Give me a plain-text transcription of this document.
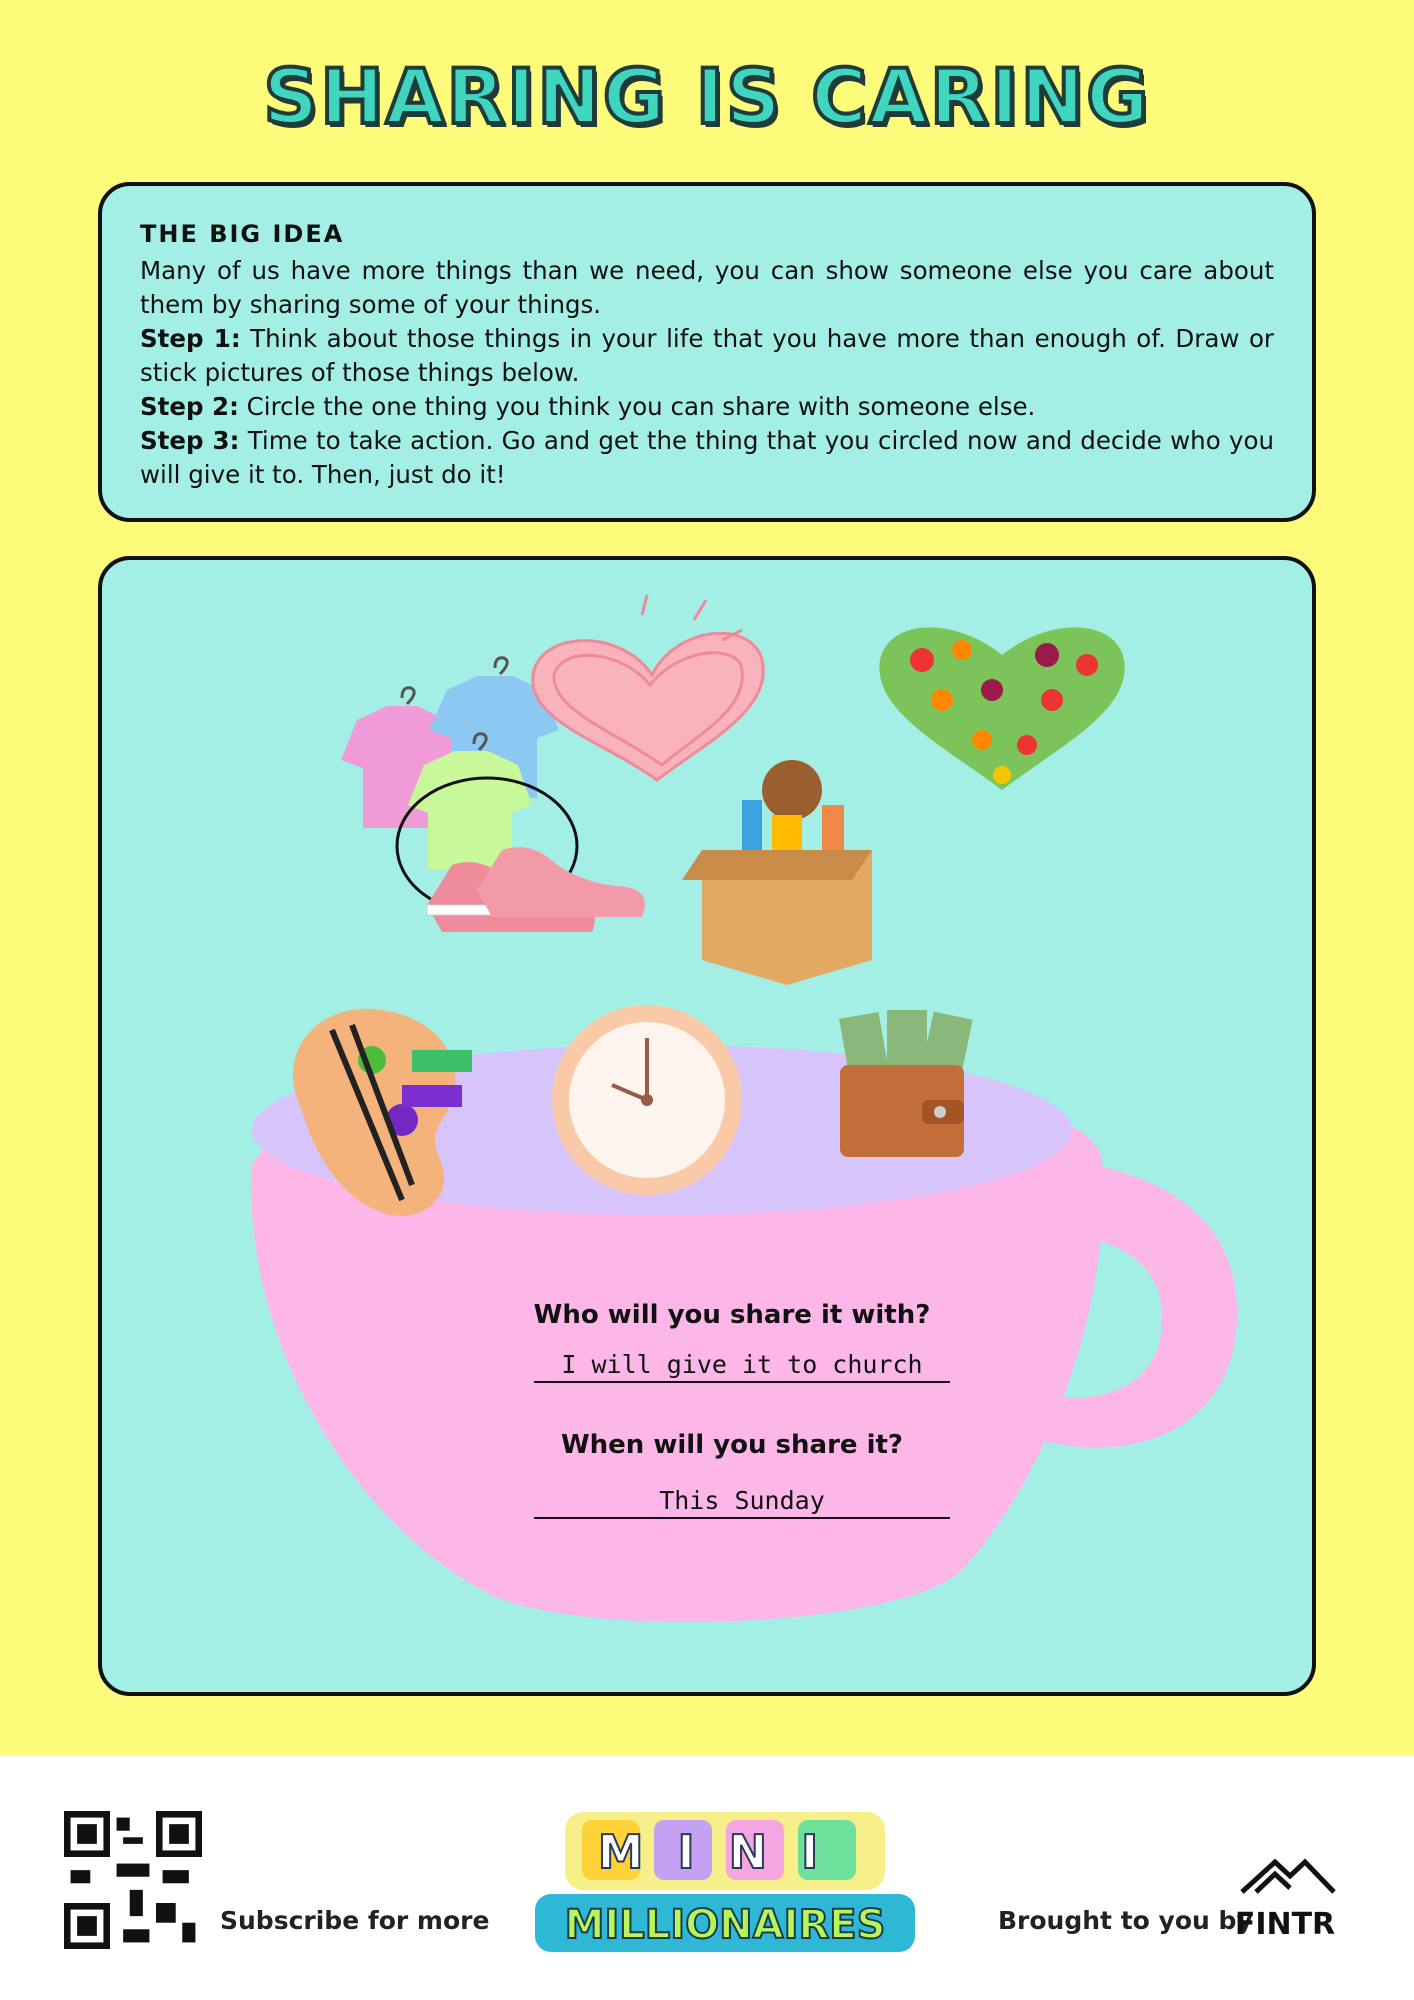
SHARING IS CARING
THE BIG IDEA

Many of us have more things than we need, you can show someone else you care about them by sharing some of your things.

Step 1: Think about those things in your life that you have more than enough of. Draw or stick pictures of those things below.

Step 2: Circle the one thing you think you can share with someone else.

Step 3: Time to take action. Go and get the thing that you circled now and decide who you will give it to. Then, just do it!

Who will you share it with?
I will give it to church
When will you share it?
This Sunday
Subscribe for more
MINI
MILLIONAIRES	Brought to you by
FINTR
